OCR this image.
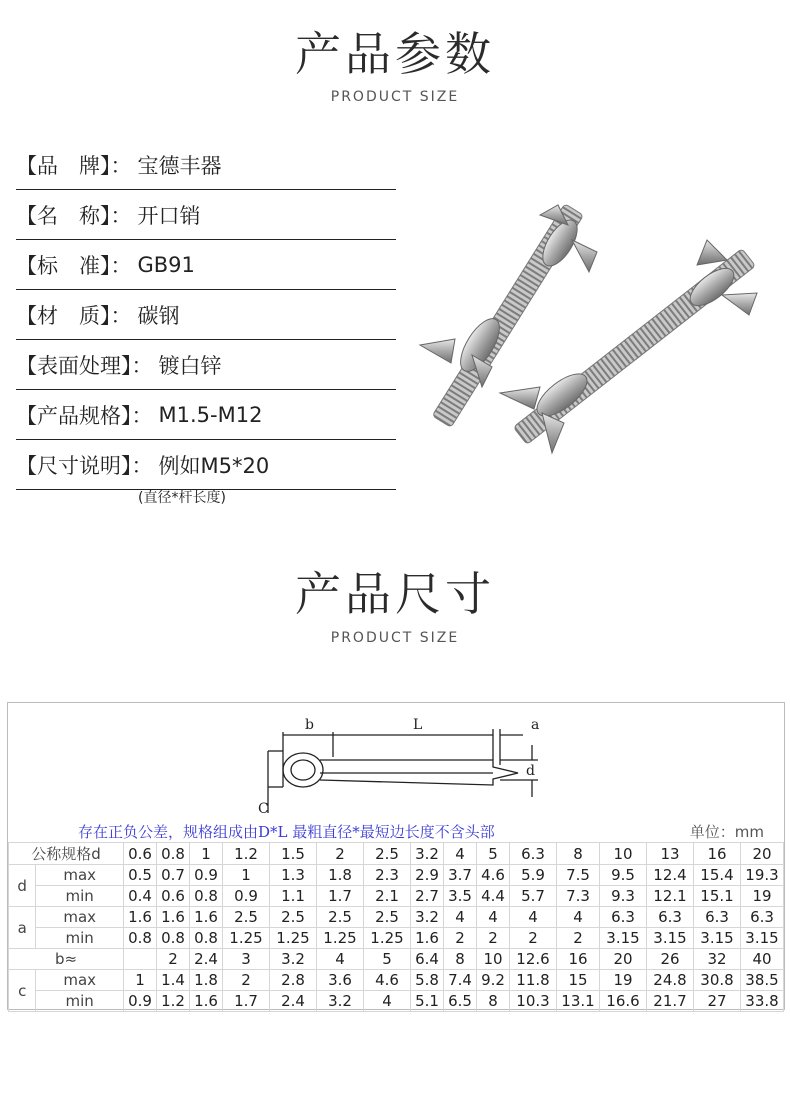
产品参数
PRODUCT SIZE
【品　牌】： 宝德丰器
【名　称】： 开口销
【标　准】： GB91
【材　质】： 碳钢
【表面处理】： 镀白锌
【产品规格】： M1.5-M12
【尺寸说明】： 例如M5*20
(直径*杆长度)
产品尺寸
PRODUCT SIZE
b	L	a
d
C
存在正负公差，规格组成由D*L 最粗直径*最短边长度不含头部	单位：mm
公称规格d		0.6	0.8	1	1.2	1.5	2	2.5	3.2	4	5	6.3	8	10	13	16	20
d	max	0.5	0.7	0.9	1	1.3	1.8	2.3	2.9	3.7	4.6	5.9	7.5	9.5	12.4	15.4	19.3
	min	0.4	0.6	0.8	0.9	1.1	1.7	2.1	2.7	3.5	4.4	5.7	7.3	9.3	12.1	15.1	19
a	max	1.6	1.6	1.6	2.5	2.5	2.5	2.5	3.2	4	4	4	4	6.3	6.3	6.3	6.3
	min	0.8	0.8	0.8	1.25	1.25	1.25	1.25	1.6	2	2	2	2	3.15	3.15	3.15	3.15
b≈			2	2.4	3	3.2	4	5	6.4	8	10	12.6	16	20	26	32	40
c	max	1	1.4	1.8	2	2.8	3.6	4.6	5.8	7.4	9.2	11.8	15	19	24.8	30.8	38.5
	min	0.9	1.2	1.6	1.7	2.4	3.2	4	5.1	6.5	8	10.3	13.1	16.6	21.7	27	33.8
